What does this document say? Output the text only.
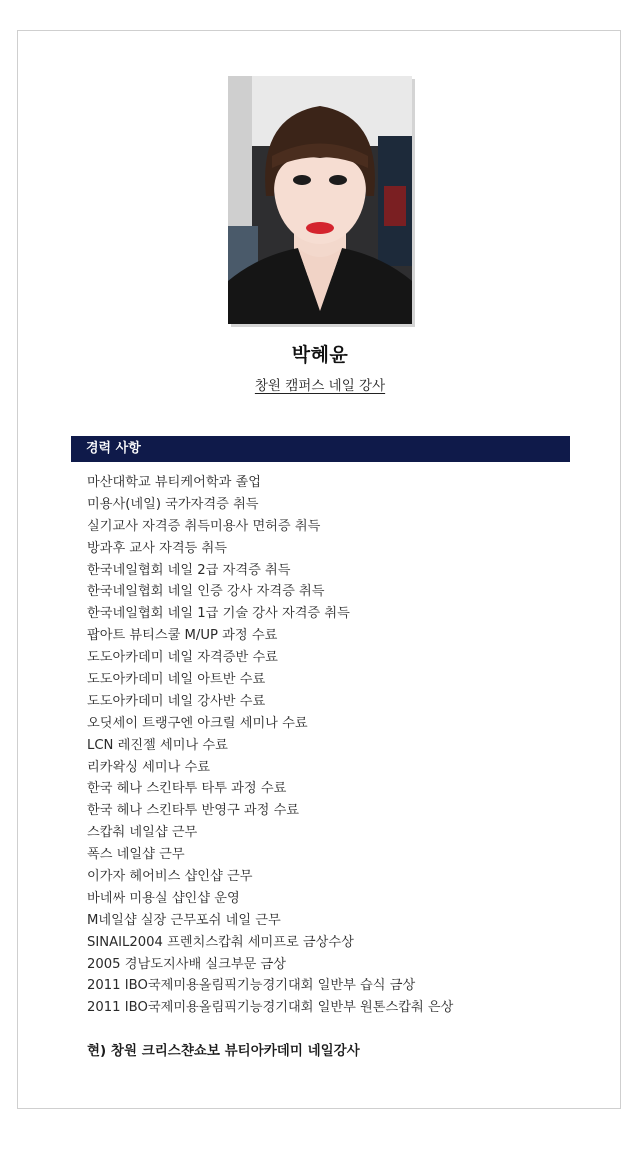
박혜윤
창원 캠퍼스 네일 강사
경력 사항
마산대학교 뷰티케어학과 졸업
미용사(네일) 국가자격증 취득
실기교사 자격증 취득미용사 면허증 취득
방과후 교사 자격등 취득
한국네일협회 네일 2급 자격증 취득
한국네일협회 네일 인증 강사 자격증 취득
한국네일협회 네일 1급 기술 강사 자격증 취득
팝아트 뷰티스쿨 M/UP 과정 수료
도도아카데미 네일 자격증반 수료
도도아카데미 네일 아트반 수료
도도아카데미 네일 강사반 수료
오딧세이 트랭구엔 아크릴 세미나 수료
LCN 레진젤 세미나 수료
리카왁싱 세미나 수료
한국 헤나 스킨타투 타투 과정 수료
한국 헤나 스킨타투 반영구 과정 수료
스캅춰 네일샵 근무
폭스 네일샵 근무
이가자 헤어비스 샵인샵 근무
바네싸 미용실 샵인샵 운영
M네일샵 실장 근무포쉬 네일 근무
SINAIL2004 프렌치스캅춰 세미프로 금상수상
2005 경남도지사배 실크부문 금상
2011 IBO국제미용올림픽기능경기대회 일반부 습식 금상
2011 IBO국제미용올림픽기능경기대회 일반부 원톤스캅춰 은상
현) 창원 크리스챤쇼보 뷰티아카데미 네일강사
